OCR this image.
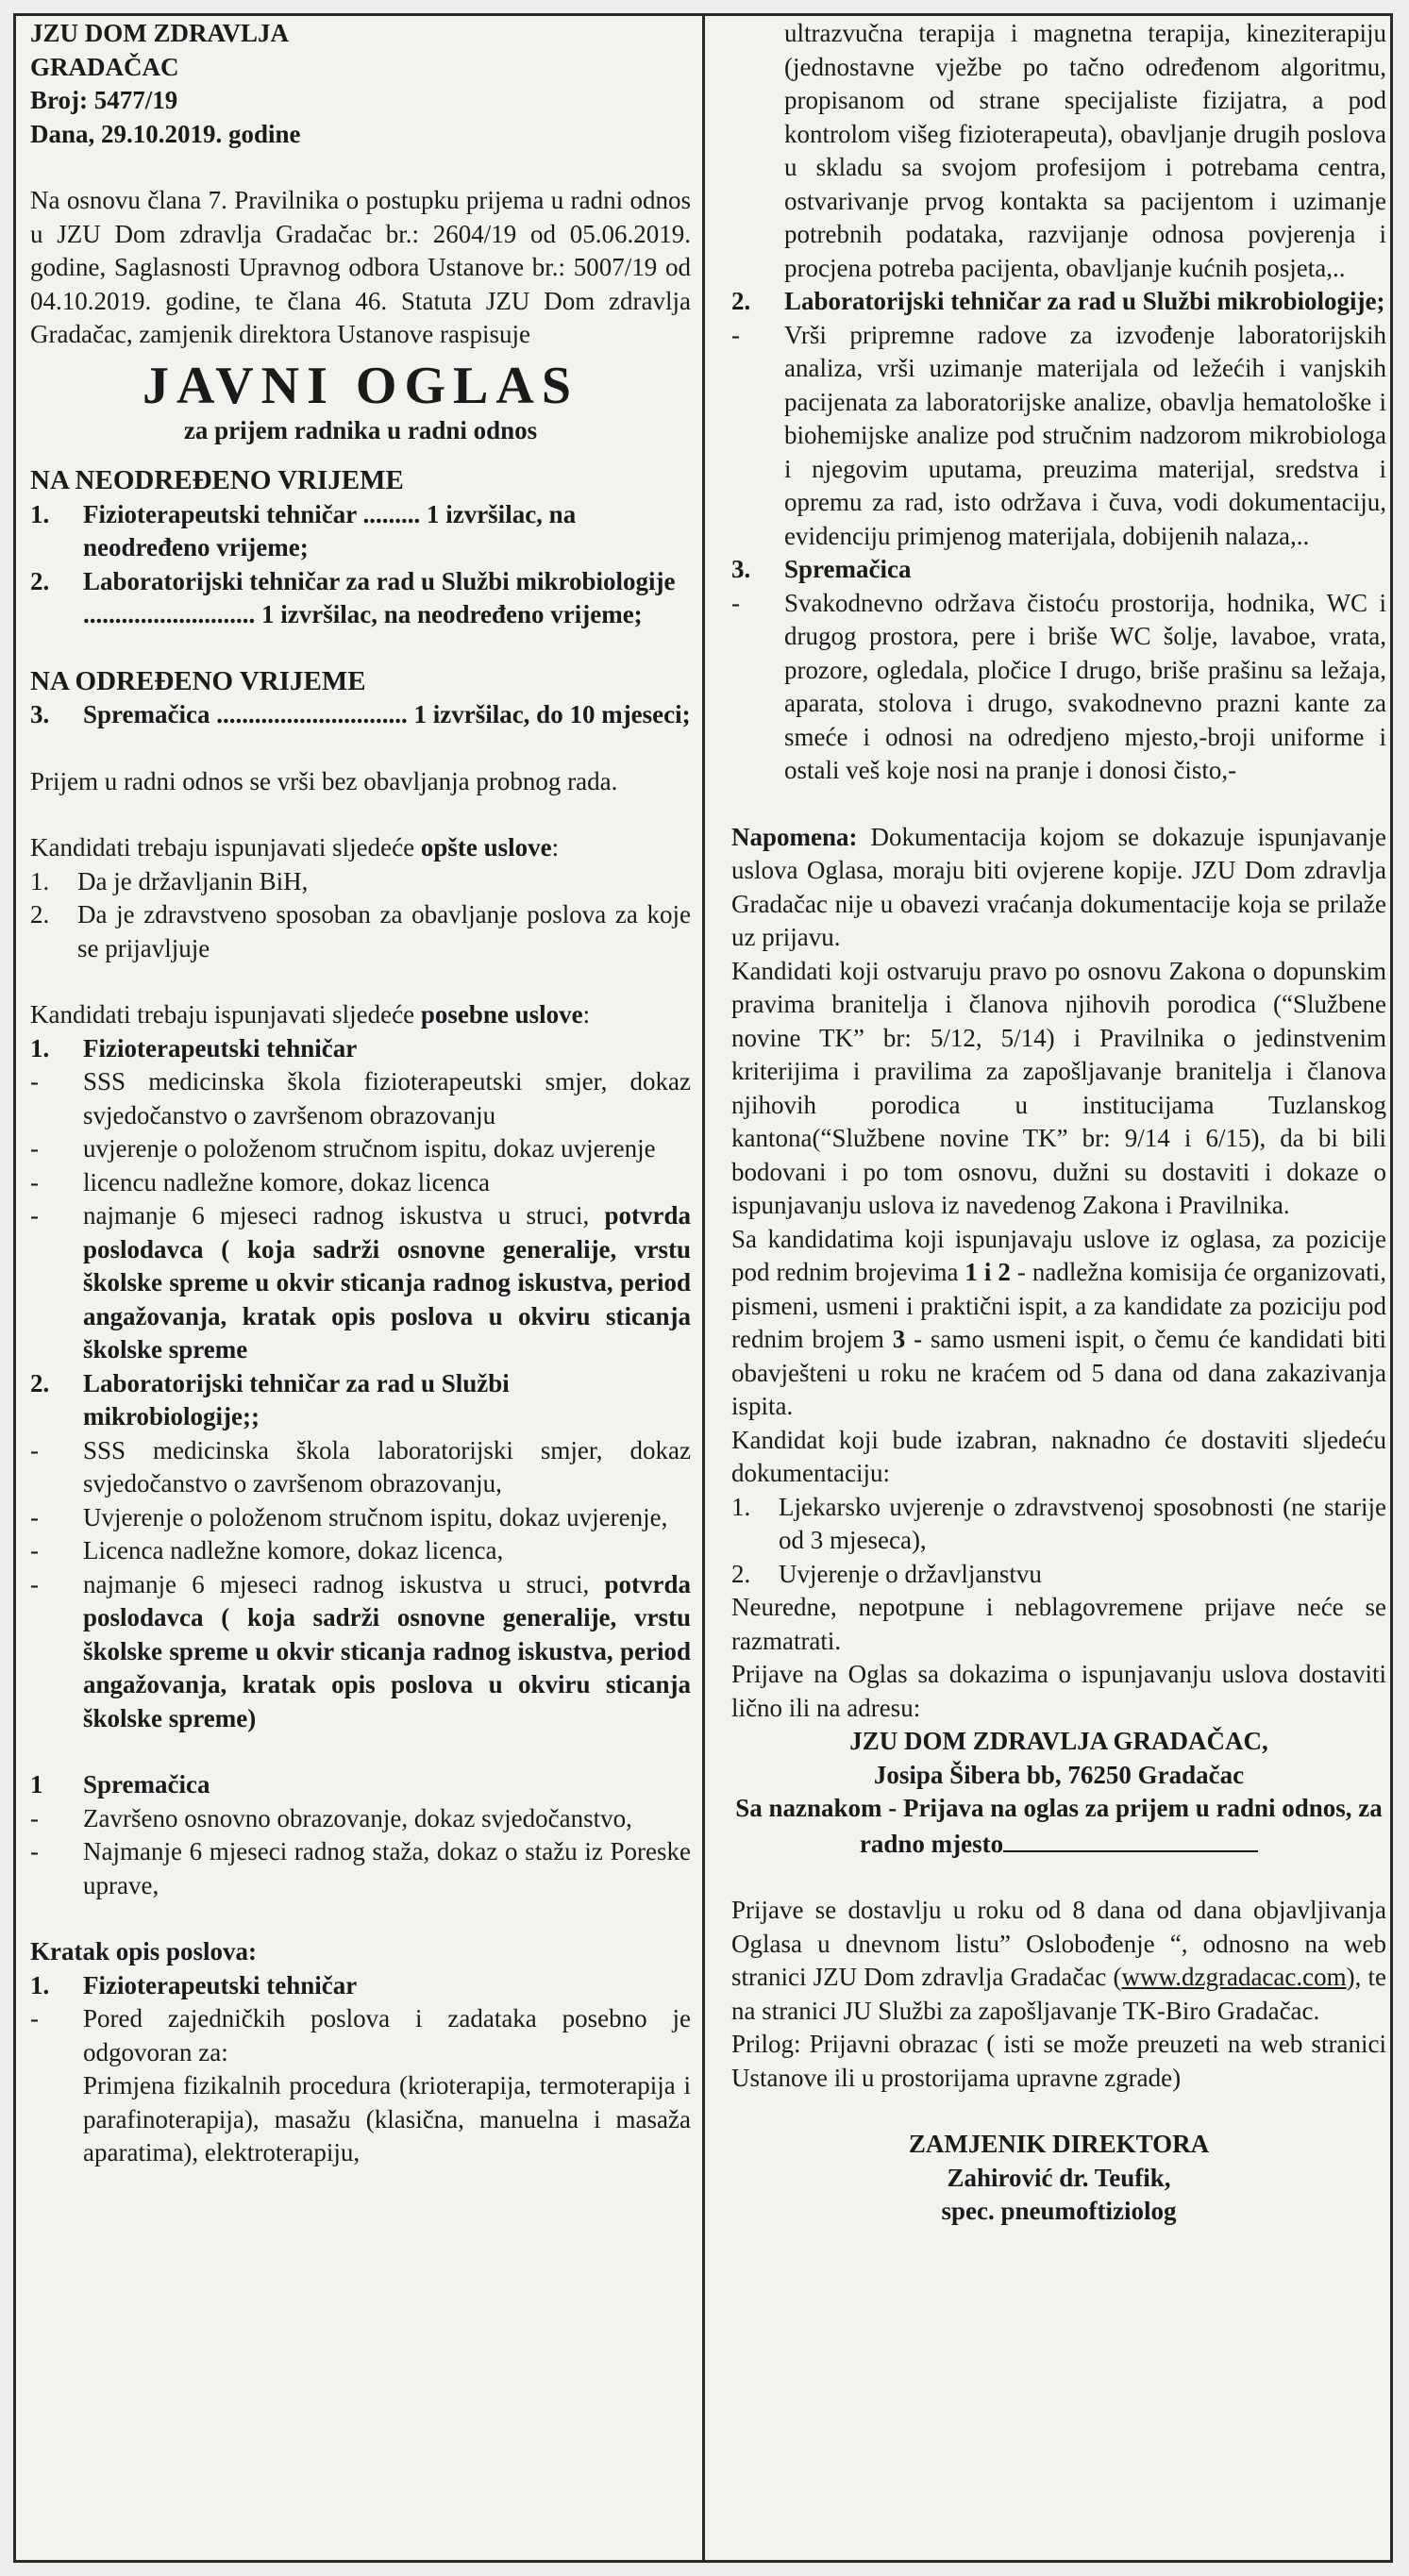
JZU DOM ZDRAVLJA
GRADAČAC
Broj: 5477/19
Dana, 29.10.2019. godine

Na osnovu člana 7. Pravilnika o postupku prijema u radni odnos u JZU Dom zdravlja Gradačac br.: 2604/19 od 05.06.2019. godine, Saglasnosti Upravnog odbora Ustanove br.: 5007/19 od 04.10.2019. godine, te člana 46. Statuta JZU Dom zdravlja Gradačac, zamjenik direktora Ustanove raspisuje

JAVNI OGLAS
za prijem radnika u radni odnos
NA NEODREĐENO VRIJEME
1.	Fizioterapeutski tehničar ......... 1 izvršilac, na neodređeno vrijeme;
2.	Laboratorijski tehničar za rad u Službi mikrobiologije ........................... 1 izvršilac, na neodređeno vrijeme;
NA ODREĐENO VRIJEME
3.	Spremačica .............................. 1 izvršilac, do 10 mjeseci;

Prijem u radni odnos se vrši bez obavljanja probnog rada.

Kandidati trebaju ispunjavati sljedeće opšte uslove:

1.	Da je državljanin BiH,
2.	Da je zdravstveno sposoban za obavljanje poslova za koje se prijavljuje

Kandidati trebaju ispunjavati sljedeće posebne uslove:

1.	Fizioterapeutski tehničar
-	SSS medicinska škola fizioterapeutski smjer, dokaz svjedočanstvo o završenom obrazovanju
-	uvjerenje o položenom stručnom ispitu, dokaz uvjerenje
-	licencu nadležne komore, dokaz licenca
-	najmanje 6 mjeseci radnog iskustva u struci, potvrda poslodavca ( koja sadrži osnovne generalije, vrstu školske spreme u okvir sticanja radnog iskustva, period angažovanja, kratak opis poslova u okviru sticanja školske spreme
2.	Laboratorijski tehničar za rad u Službi mikrobiologije;;
-	SSS medicinska škola laboratorijski smjer, dokaz svjedočanstvo o završenom obrazovanju,
-	Uvjerenje o položenom stručnom ispitu, dokaz uvjerenje,
-	Licenca nadležne komore, dokaz licenca,
-	najmanje 6 mjeseci radnog iskustva u struci, potvrda poslodavca ( koja sadrži osnovne generalije, vrstu školske spreme u okvir sticanja radnog iskustva, period angažovanja, kratak opis poslova u okviru sticanja školske spreme)
1	Spremačica
-	Završeno osnovno obrazovanje, dokaz svjedočanstvo,
-	Najmanje 6 mjeseci radnog staža, dokaz o stažu iz Poreske uprave,
Kratak opis poslova:
1.	Fizioterapeutski tehničar
-	Pored zajedničkih poslova i zadataka posebno je odgovoran za:
Primjena fizikalnih procedura (krioterapija, termoterapija i parafinoterapija), masažu (klasična, manuelna i masaža aparatima), elektroterapiju,
ultrazvučna terapija i magnetna terapija, kineziterapiju (jednostavne vježbe po tačno određenom algoritmu, propisanom od strane specijaliste fizijatra, a pod kontrolom višeg fizioterapeuta), obavljanje drugih poslova u skladu sa svojom profesijom i potrebama centra, ostvarivanje prvog kontakta sa pacijentom i uzimanje potrebnih podataka, razvijanje odnosa povjerenja i procjena potreba pacijenta, obavljanje kućnih posjeta,..
2.	Laboratorijski tehničar za rad u Službi mikrobiologije;
-	Vrši pripremne radove za izvođenje laboratorijskih analiza, vrši uzimanje materijala od ležećih i vanjskih pacijenata za laboratorijske analize, obavlja hematološke i biohemijske analize pod stručnim nadzorom mikrobiologa i njegovim uputama, preuzima materijal, sredstva i opremu za rad, isto održava i čuva, vodi dokumentaciju, evidenciju primjenog materijala, dobijenih nalaza,..
3.	Spremačica
-	Svakodnevno održava čistoću prostorija, hodnika, WC i drugog prostora, pere i briše WC šolje, lavaboe, vrata, prozore, ogledala, pločice I drugo, briše prašinu sa ležaja, aparata, stolova i drugo, svakodnevno prazni kante za smeće i odnosi na odredjeno mjesto,-broji uniforme i ostali veš koje nosi na pranje i donosi čisto,-

Napomena: Dokumentacija kojom se dokazuje ispunjavanje uslova Oglasa, moraju biti ovjerene kopije. JZU Dom zdravlja Gradačac nije u obavezi vraćanja dokumentacije koja se prilaže uz prijavu.

Kandidati koji ostvaruju pravo po osnovu Zakona o dopunskim pravima branitelja i članova njihovih porodica (“Službene novine TK” br: 5/12, 5/14) i Pravilnika o jedinstvenim kriterijima i pravilima za zapošljavanje branitelja i članova njihovih porodica u institucijama Tuzlanskog kantona(“Službene novine TK” br: 9/14 i 6/15), da bi bili bodovani i po tom osnovu, dužni su dostaviti i dokaze o ispunjavanju uslova iz navedenog Zakona i Pravilnika.

Sa kandidatima koji ispunjavaju uslove iz oglasa, za pozicije pod rednim brojevima 1 i 2 - nadležna komisija će organizovati, pismeni, usmeni i praktični ispit, a za kandidate za poziciju pod rednim brojem 3 - samo usmeni ispit, o čemu će kandidati biti obavješteni u roku ne kraćem od 5 dana od dana zakazivanja ispita.

Kandidat koji bude izabran, naknadno će dostaviti sljedeću dokumentaciju:

1.	Ljekarsko uvjerenje o zdravstvenoj sposobnosti (ne starije od 3 mjeseca),
2.	Uvjerenje o državljanstvu

Neuredne, nepotpune i neblagovremene prijave neće se razmatrati.

Prijave na Oglas sa dokazima o ispunjavanju uslova dostaviti lično ili na adresu:

JZU DOM ZDRAVLJA GRADAČAC,
Josipa Šibera bb, 76250 Gradačac
Sa naznakom - Prijava na oglas za prijem u radni odnos, za radno mjesto

Prijave se dostavlju u roku od 8 dana od dana objavljivanja Oglasa u dnevnom listu” Oslobođenje “, odnosno na web stranici JZU Dom zdravlja Gradačac (www.dzgradacac.com), te na stranici JU Službi za zapošljavanje TK-Biro Gradačac.

Prilog: Prijavni obrazac ( isti se može preuzeti na web stranici Ustanove ili u prostorijama upravne zgrade)

ZAMJENIK DIREKTORA
Zahirović dr. Teufik,
spec. pneumoftiziolog
